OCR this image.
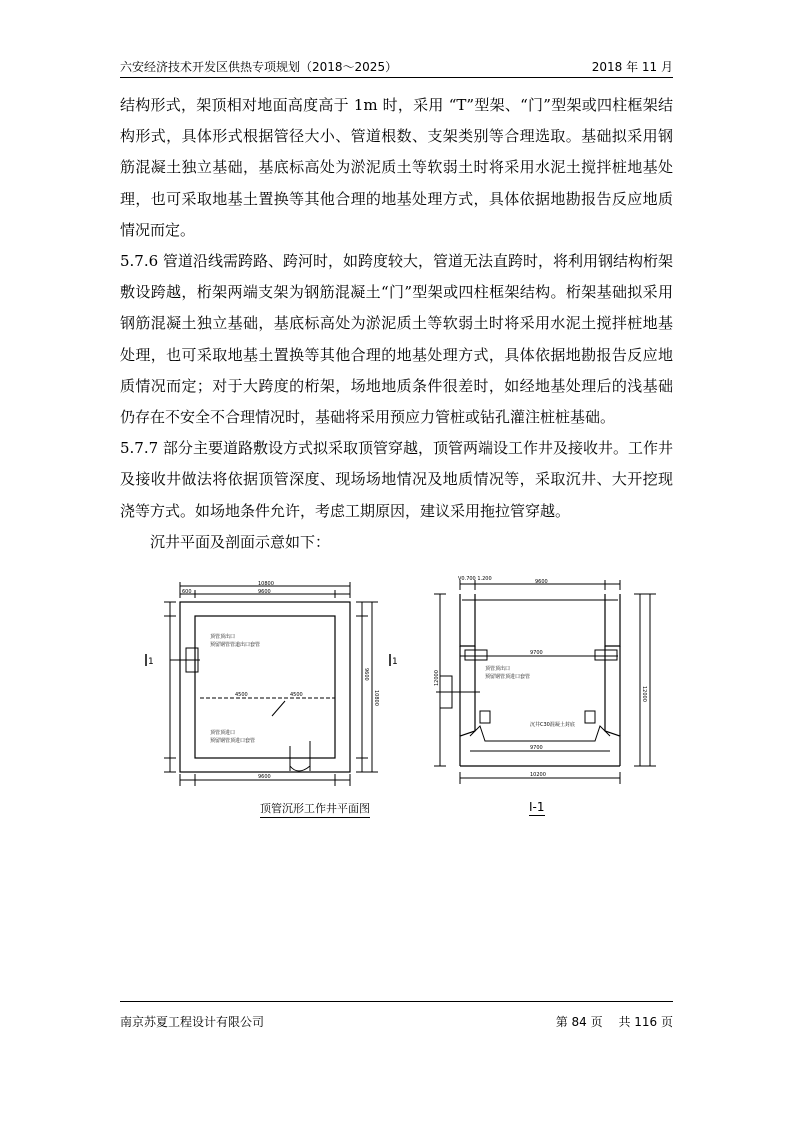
六安经济技术开发区供热专项规划（2018～2025）	2018 年 11 月

结构形式，架顶相对地面高度高于 1m 时，采用 “T”型架、“门”型架或四柱框架结构形式，具体形式根据管径大小、管道根数、支架类别等合理选取。基础拟采用钢筋混凝土独立基础，基底标高处为淤泥质土等软弱土时将采用水泥土搅拌桩地基处理，也可采取地基土置换等其他合理的地基处理方式，具体依据地勘报告反应地质情况而定。

5.7.6 管道沿线需跨路、跨河时，如跨度较大，管道无法直跨时，将利用钢结构桁架敷设跨越，桁架两端支架为钢筋混凝土“门”型架或四柱框架结构。桁架基础拟采用钢筋混凝土独立基础，基底标高处为淤泥质土等软弱土时将采用水泥土搅拌桩地基处理，也可采取地基土置换等其他合理的地基处理方式，具体依据地勘报告反应地质情况而定；对于大跨度的桁架，场地地质条件很差时，如经地基处理后的浅基础仍存在不安全不合理情况时，基础将采用预应力管桩或钻孔灌注桩桩基础。

5.7.7 部分主要道路敷设方式拟采取顶管穿越，顶管两端设工作井及接收井。工作井及接收井做法将依据顶管深度、现场场地情况及地质情况等，采取沉井、大开挖现浇等方式。如场地条件允许，考虑工期原因，建议采用拖拉管穿越。

沉井平面及剖面示意如下：

10800
9600
600
4500	4500
9600
顶管顶出口
预留钢管管道出口套管
顶管顶进口
预留钢管顶进口套管
10800
9600
1	1
V0.700 1.200	9600
9700
9700
10200
顶管顶出口
预留钢管顶进口套管
沉井C30混凝土封底
12000
12000
顶管沉形工作井平面图	I-1
南京苏夏工程设计有限公司	第 84 页 共 116 页
